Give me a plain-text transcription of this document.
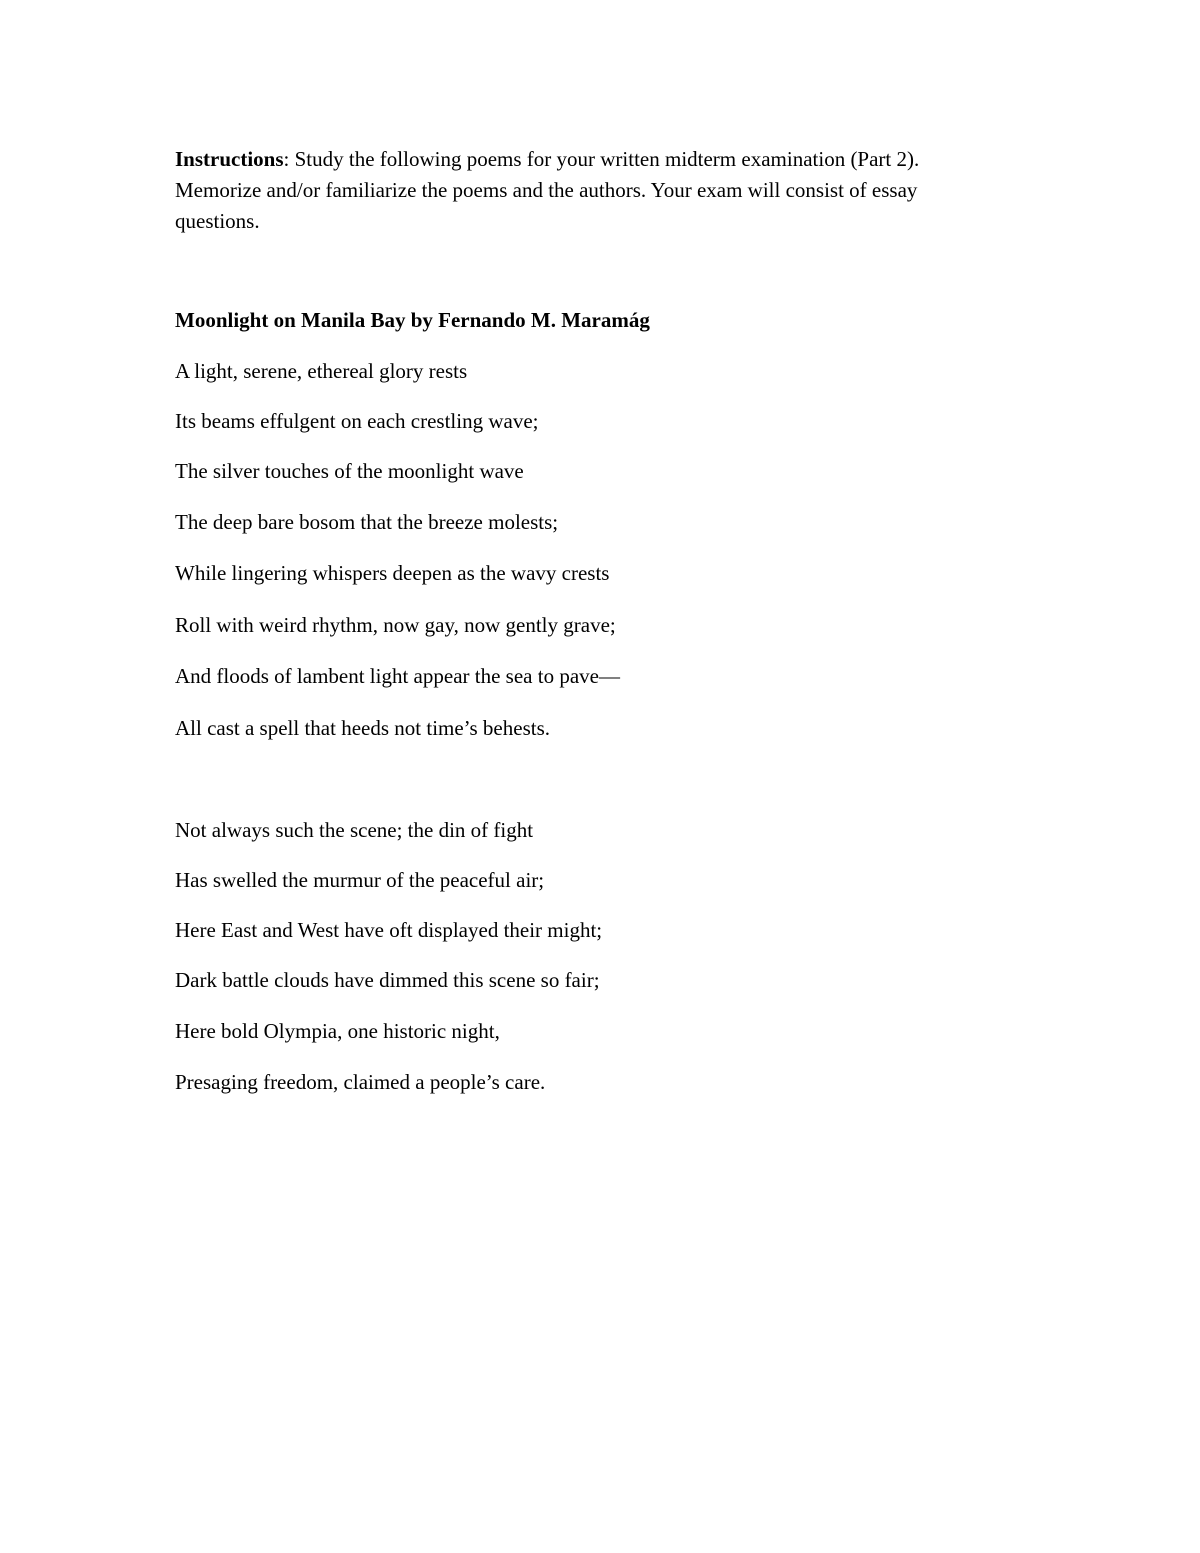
Instructions: Study the following poems for your written midterm examination (Part 2). Memorize and/or familiarize the poems and the authors. Your exam will consist of essay questions.

Moonlight on Manila Bay by Fernando M. Maramág

A light, serene, ethereal glory rests

Its beams effulgent on each crestling wave;

The silver touches of the moonlight wave

The deep bare bosom that the breeze molests;

While lingering whispers deepen as the wavy crests

Roll with weird rhythm, now gay, now gently grave;

And floods of lambent light appear the sea to pave—

All cast a spell that heeds not time’s behests.

Not always such the scene; the din of fight

Has swelled the murmur of the peaceful air;

Here East and West have oft displayed their might;

Dark battle clouds have dimmed this scene so fair;

Here bold Olympia, one historic night,

Presaging freedom, claimed a people’s care.
